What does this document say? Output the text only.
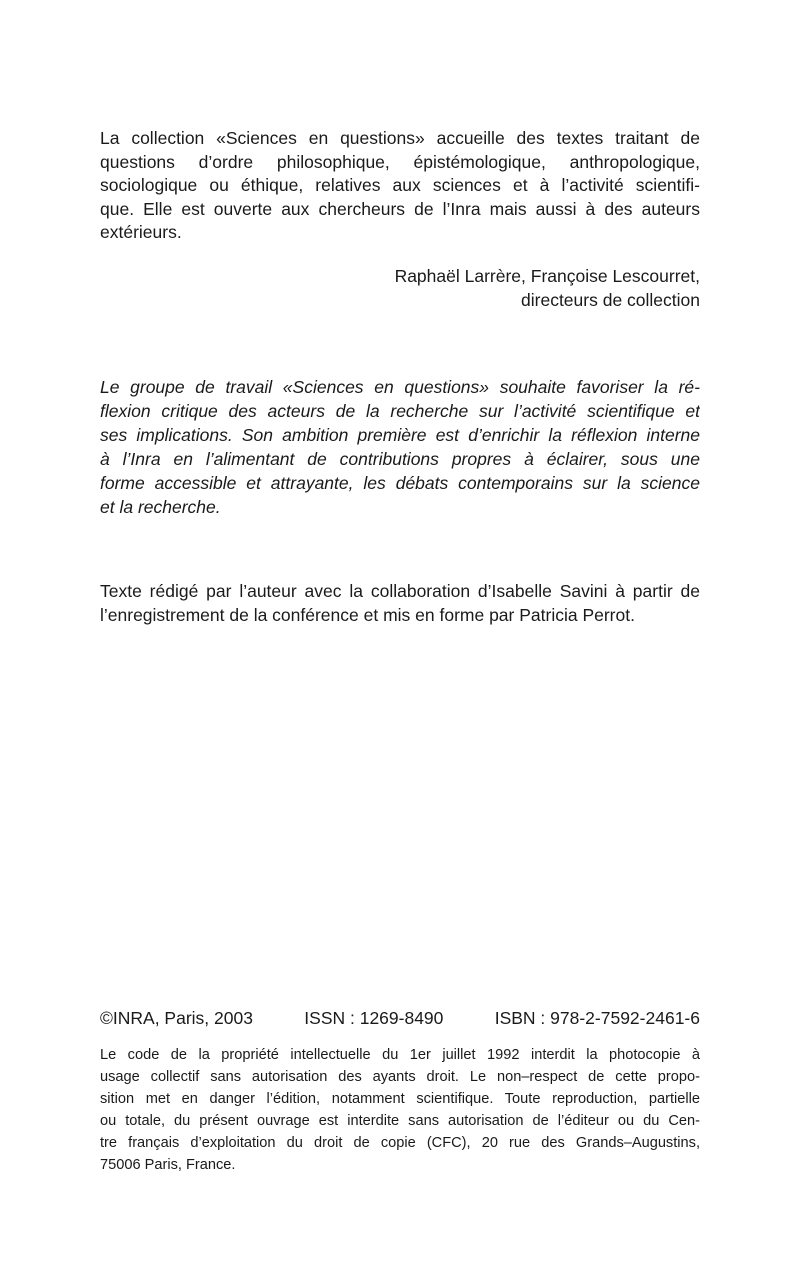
La collection «Sciences en questions» accueille des textes traitant de
questions d’ordre philosophique, épistémologique, anthropologique,
sociologique ou éthique, relatives aux sciences et à l’activité scientifi-
que. Elle est ouverte aux chercheurs de l’Inra mais aussi à des auteurs
extérieurs.
Raphaël Larrère, Françoise Lescourret,
directeurs de collection
Le groupe de travail «Sciences en questions» souhaite favoriser la ré-
flexion critique des acteurs de la recherche sur l’activité scientifique et
ses implications. Son ambition première est d’enrichir la réflexion interne
à l’Inra en l’alimentant de contributions propres à éclairer, sous une
forme accessible et attrayante, les débats contemporains sur la science
et la recherche.
Texte rédigé par l’auteur avec la collaboration d’Isabelle Savini à partir de
l’enregistrement de la conférence et mis en forme par Patricia Perrot.
©INRA, Paris, 2003	ISSN : 1269-8490	ISBN : 978-2-7592-2461-6
Le code de la propriété intellectuelle du 1er juillet 1992 interdit la photocopie à
usage collectif sans autorisation des ayants droit. Le non–respect de cette propo-
sition met en danger l’édition, notamment scientifique. Toute reproduction, partielle
ou totale, du présent ouvrage est interdite sans autorisation de l’éditeur ou du Cen-
tre français d’exploitation du droit de copie (CFC), 20 rue des Grands–Augustins,
75006 Paris, France.
